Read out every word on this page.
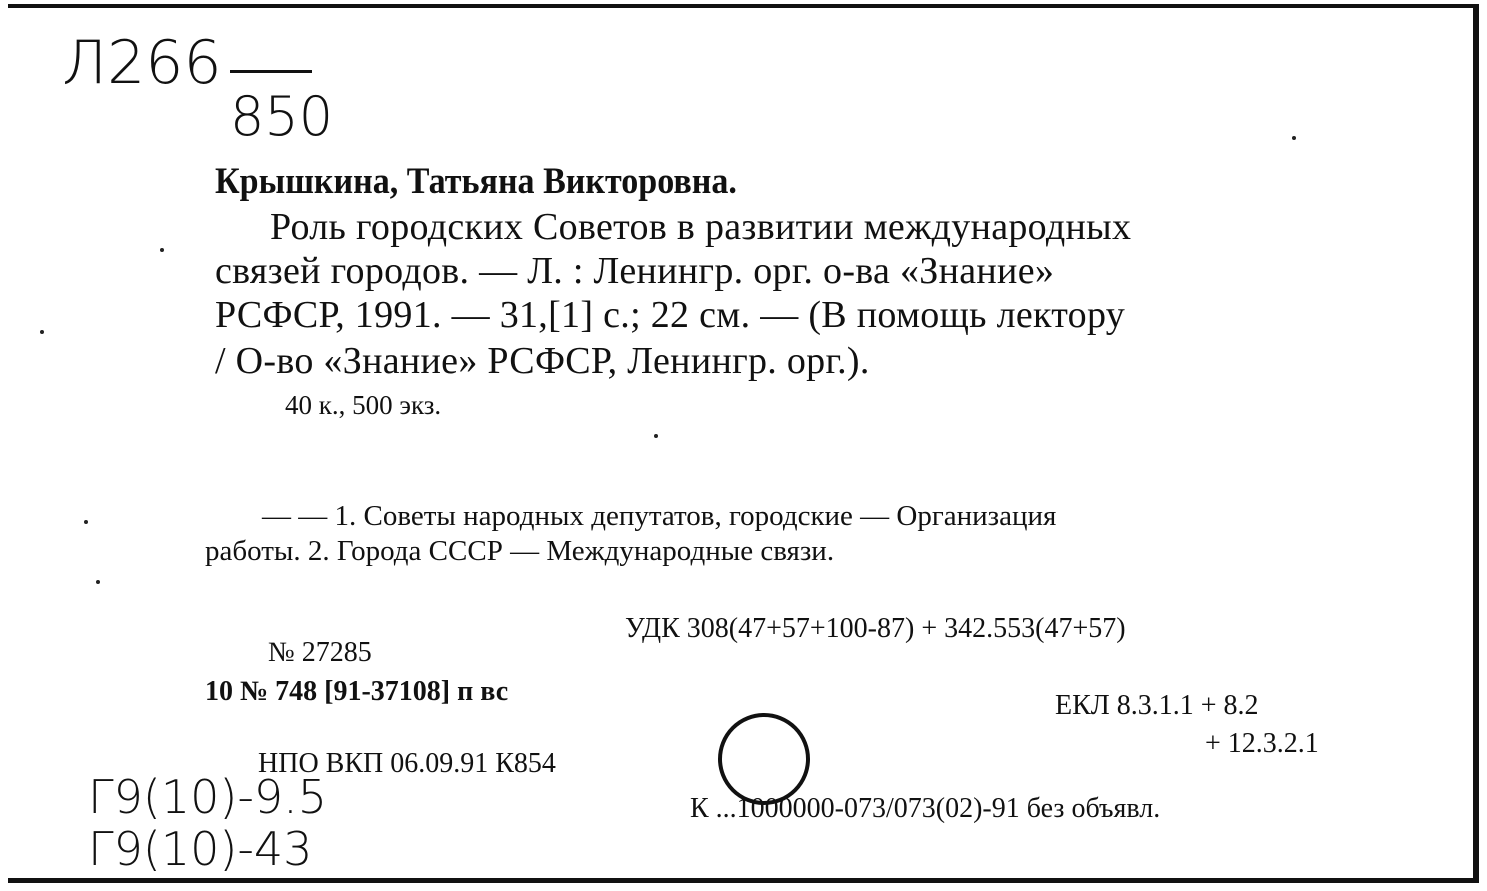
Л266
850
Крышкина, Татьяна Викторовна.
Роль городских Советов в развитии международных
связей городов. — Л. : Ленингр. орг. о-ва «Знание»
РСФСР, 1991. — 31,[1] с.; 22 см. — (В помощь лектору
/ О-во «Знание» РСФСР, Ленингр. орг.).
40 к., 500 экз.
— — 1. Советы народных депутатов, городские — Организация
работы. 2. Города СССР — Международные связи.
УДК 308(47+57+100-87) + 342.553(47+57)
№ 27285
10 № 748 [91-37108] п вс	ЕКЛ 8.3.1.1 + 8.2
+ 12.3.2.1
НПО ВКП 06.09.91 К854
К ...1000000-073/073(02)-91 без объявл.
Г9(10)-9.5
Г9(10)-43
